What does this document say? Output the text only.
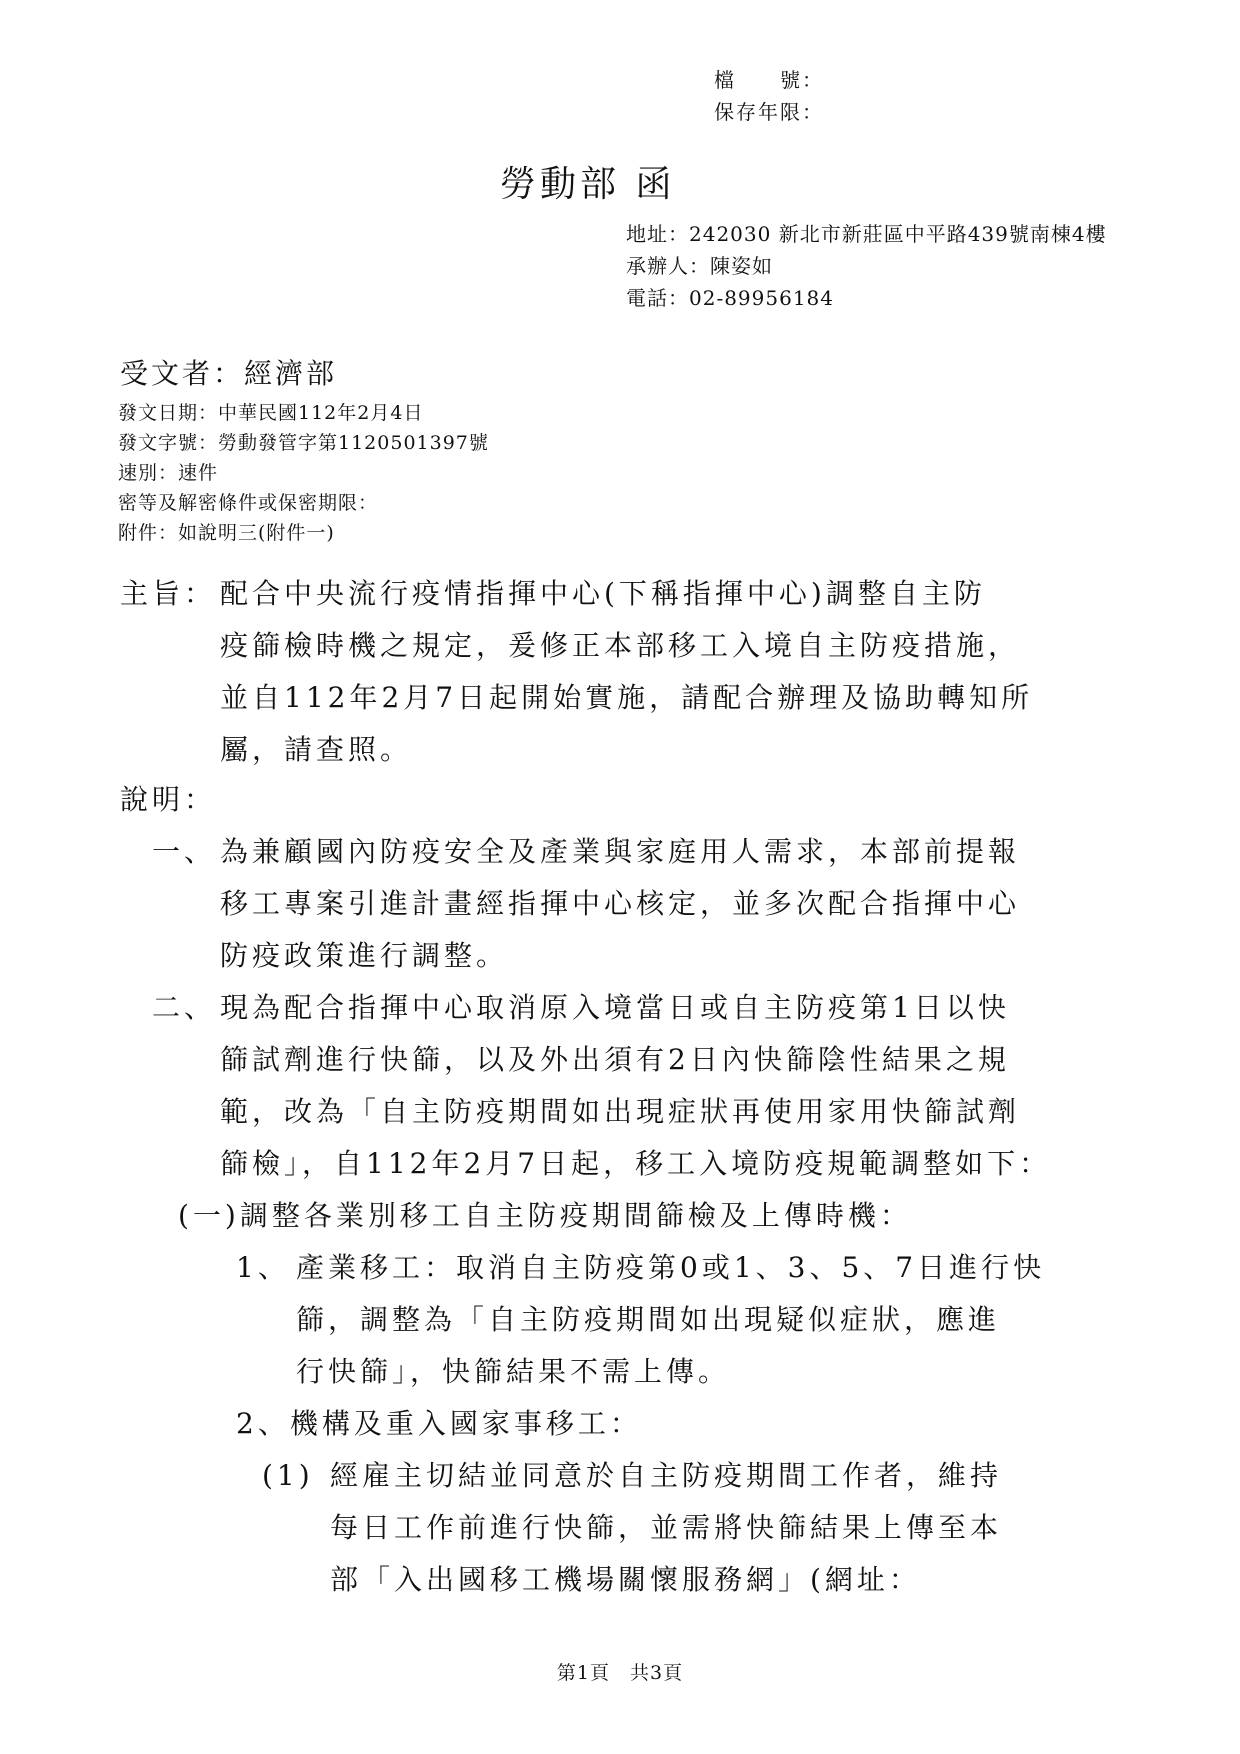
檔　　號：
保存年限：
勞動部 函
地址：242030 新北市新莊區中平路439號南棟4樓
承辦人：陳姿如
電話：02-89956184
受文者：經濟部
發文日期：中華民國112年2月4日
發文字號：勞動發管字第1120501397號
速別：速件
密等及解密條件或保密期限：
附件：如說明三(附件一)
主旨： 配合中央流行疫情指揮中心(下稱指揮中心)調整自主防
疫篩檢時機之規定，爰修正本部移工入境自主防疫措施，
並自112年2月7日起開始實施，請配合辦理及協助轉知所
屬，請查照。
說明：
一、 為兼顧國內防疫安全及產業與家庭用人需求，本部前提報
移工專案引進計畫經指揮中心核定，並多次配合指揮中心
防疫政策進行調整。
二、 現為配合指揮中心取消原入境當日或自主防疫第1日以快
篩試劑進行快篩，以及外出須有2日內快篩陰性結果之規
範，改為「自主防疫期間如出現症狀再使用家用快篩試劑
篩檢」，自112年2月7日起，移工入境防疫規範調整如下：
(一)調整各業別移工自主防疫期間篩檢及上傳時機：
1、 產業移工：取消自主防疫第0或1、3、5、7日進行快
篩，調整為「自主防疫期間如出現疑似症狀，應進
行快篩」，快篩結果不需上傳。
2、機構及重入國家事移工：
(1) 經雇主切結並同意於自主防疫期間工作者，維持
每日工作前進行快篩，並需將快篩結果上傳至本
部「入出國移工機場關懷服務網」(網址：
第1頁　共3頁
